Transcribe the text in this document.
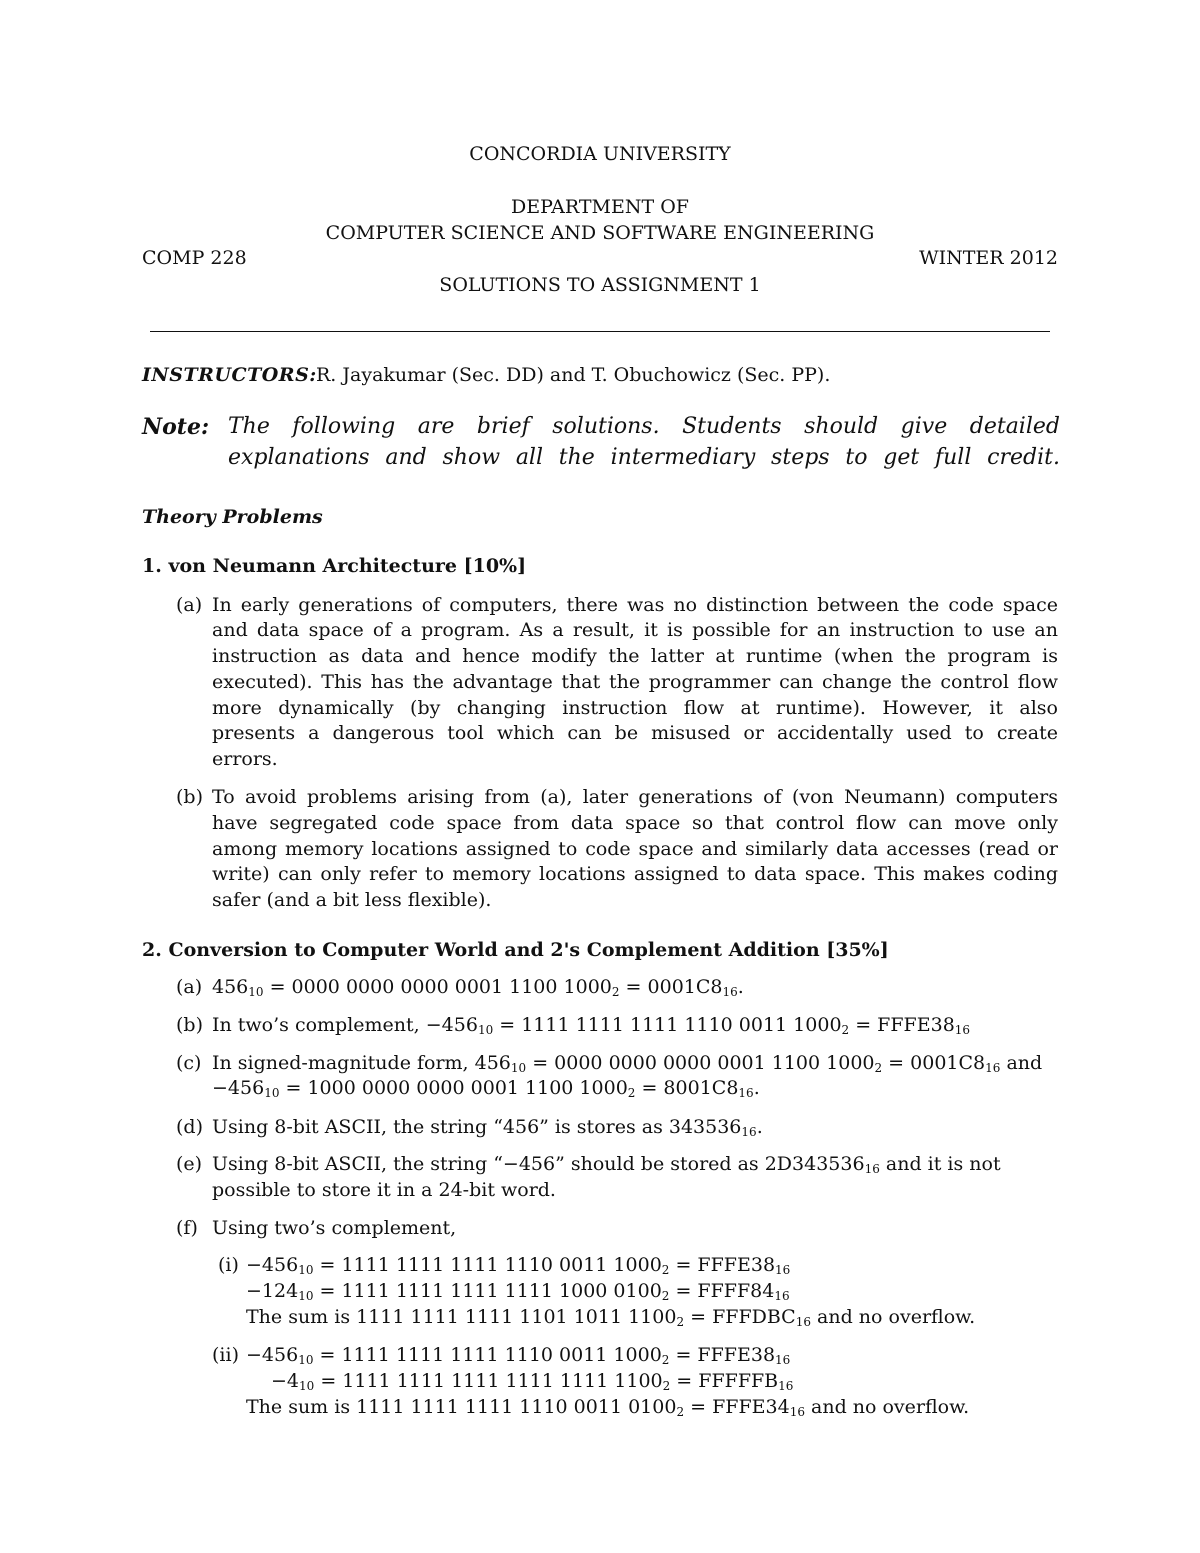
CONCORDIA UNIVERSITY
DEPARTMENT OF
COMPUTER SCIENCE AND SOFTWARE ENGINEERING
COMP 228	WINTER 2012
SOLUTIONS TO ASSIGNMENT 1
INSTRUCTORS: R. Jayakumar (Sec. DD) and T. Obuchowicz (Sec. PP).
Note: The following are brief solutions. Students should give detailed
explanations and show all the intermediary steps to get full credit.
Theory Problems
1. von Neumann Architecture [10%]
(a) In early generations of computers, there was no distinction between the code space
and data space of a program. As a result, it is possible for an instruction to use an
instruction as data and hence modify the latter at runtime (when the program is
executed). This has the advantage that the programmer can change the control flow
more dynamically (by changing instruction flow at runtime). However, it also
presents a dangerous tool which can be misused or accidentally used to create
errors.
(b) To avoid problems arising from (a), later generations of (von Neumann) computers
have segregated code space from data space so that control flow can move only
among memory locations assigned to code space and similarly data accesses (read or
write) can only refer to memory locations assigned to data space. This makes coding
safer (and a bit less flexible).
2. Conversion to Computer World and 2's Complement Addition [35%]
(a) $456_{10} = 0000$ 0000 0000 0001 1100 $1000_2 = 0001C8_{16}$.
(b) In two’s complement, $-456_{10} = 1111$ 1111 1111 1110 0011 $1000_2$ = $FFFE38_{16}$
(c) In signed-magnitude form, $456_{10} = 0000$ 0000 0000 0001 1100 $1000_2 = 0001C8_{16}$ and
$-456_{10} = 1000$ 0000 0000 0001 1100 $1000_2 = 8001C8_{16}$.
(d) Using 8-bit ASCII, the string “456” is stores as $343536_{16}$.
(e) Using 8-bit ASCII, the string “−456” should be stored as $2D343536_{16}$ and it is not
possible to store it in a 24-bit word.
(f) Using two’s complement,
$(i) -456_{10} = 1111$ 1111 1111 1110 0011 $1000_2$ = $FFFE38_{16}$
$-124_{10} = 1111$ 1111 1111 1111 1000 $0100_2$ = $FFFF84_{16}$
The sum is 1111 1111 1111 1101 1011 $1100_2$ = $FFFDBC_{16}$ and no overflow.
$(ii) -456_{10} = 1111$ 1111 1111 1110 0011 $1000_2$ = $FFFE38_{16}$
$-4_{10} = 1111$ 1111 1111 1111 1111 $1100_2$ = $FFFFFB_{16}$
The sum is 1111 1111 1111 1110 0011 $0100_2$ = $FFFE34_{16}$ and no overflow.
